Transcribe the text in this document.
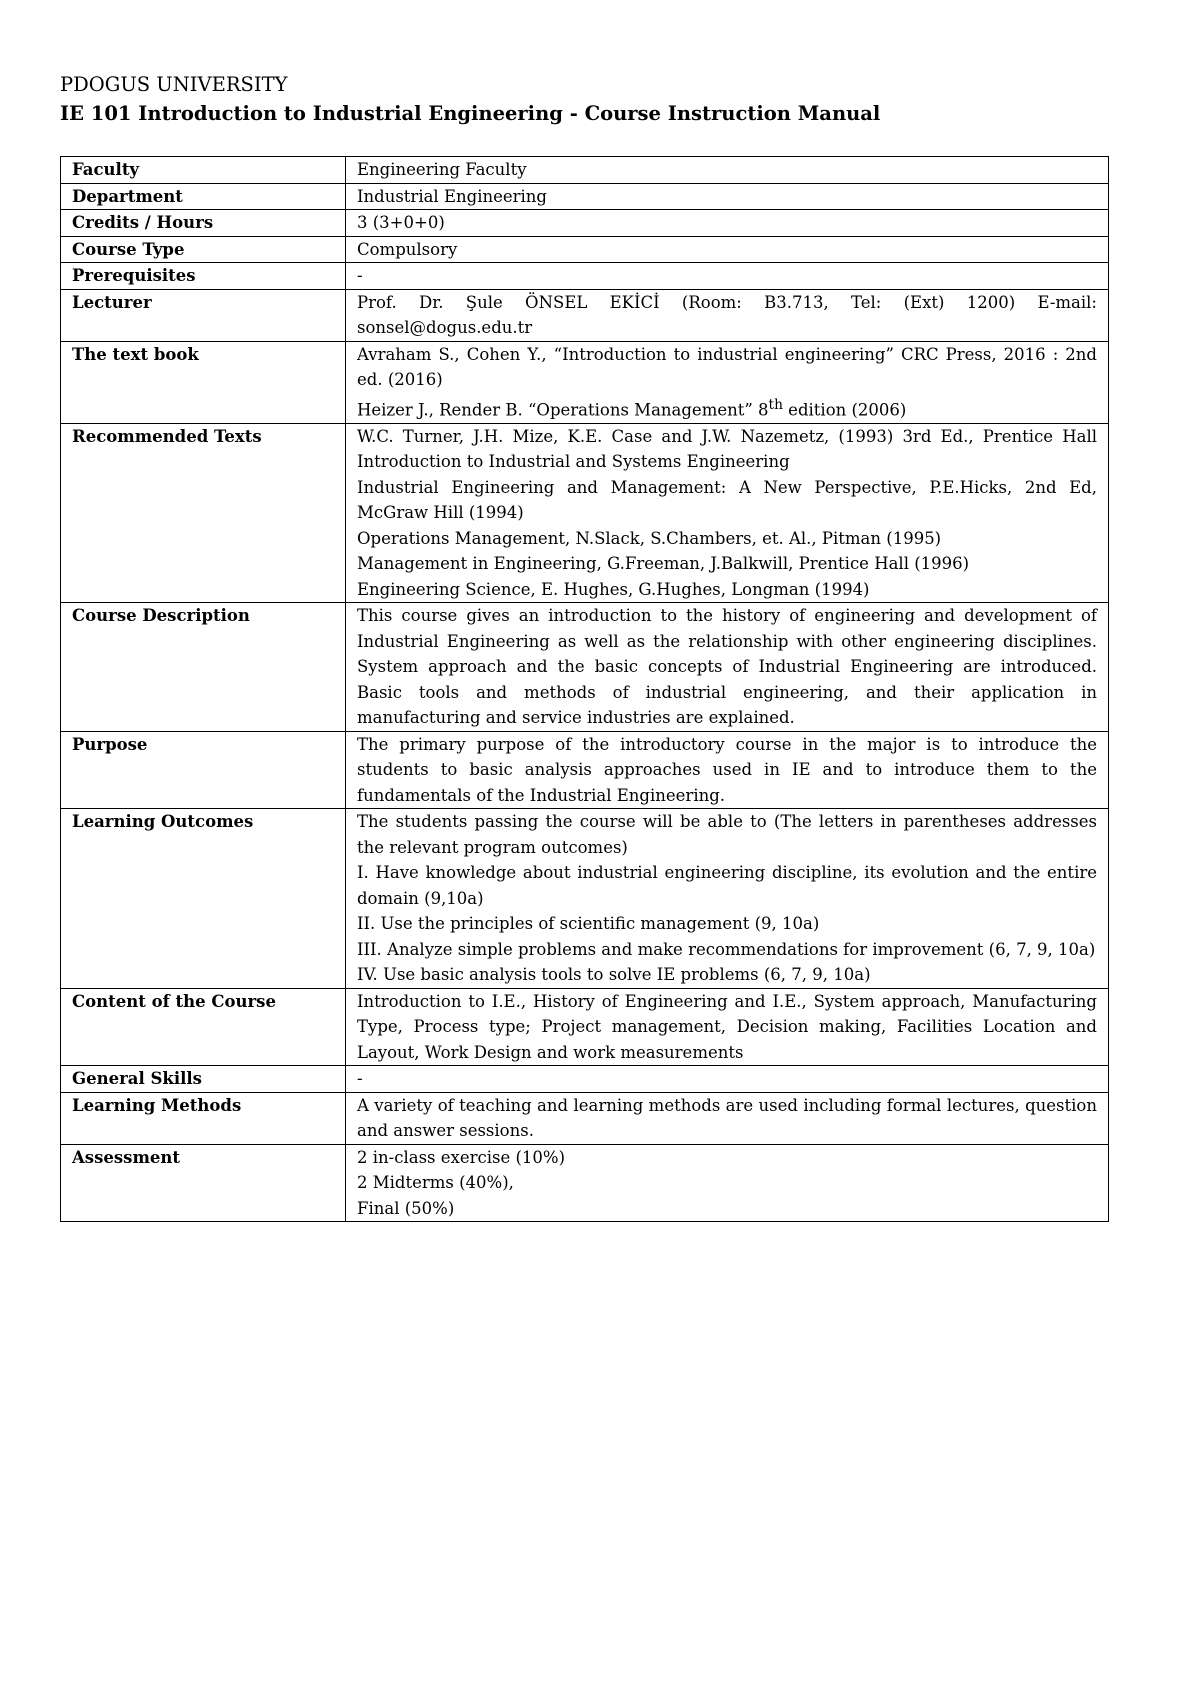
PDOGUS UNIVERSITY
IE 101 Introduction to Industrial Engineering - Course Instruction Manual
Faculty	Engineering Faculty
Department	Industrial Engineering
Credits / Hours	3 (3+0+0)
Course Type	Compulsory
Prerequisites	-
Lecturer	Prof. Dr. Şule ÖNSEL EKİCİ (Room: B3.713, Tel: (Ext) 1200) E-mail: sonsel@dogus.edu.tr
The text book	Avraham S., Cohen Y., “Introduction to industrial engineering” CRC Press, 2016 : 2nd ed. (2016)
Heizer J., Render B. “Operations Management” 8th edition (2006)

Recommended Texts	W.C. Turner, J.H. Mize, K.E. Case and J.W. Nazemetz, (1993) 3rd Ed., Prentice Hall Introduction to Industrial and Systems Engineering
Industrial Engineering and Management: A New Perspective, P.E.Hicks, 2nd Ed, McGraw Hill (1994)
Operations Management, N.Slack, S.Chambers, et. Al., Pitman (1995)
Management in Engineering, G.Freeman, J.Balkwill, Prentice Hall (1996)
Engineering Science, E. Hughes, G.Hughes, Longman (1994)

Course Description	This course gives an introduction to the history of engineering and development of Industrial Engineering as well as the relationship with other engineering disciplines. System approach and the basic concepts of Industrial Engineering are introduced. Basic tools and methods of industrial engineering, and their application in manufacturing and service industries are explained.
Purpose	The primary purpose of the introductory course in the major is to introduce the students to basic analysis approaches used in IE and to introduce them to the fundamentals of the Industrial Engineering.
Learning Outcomes	The students passing the course will be able to (The letters in parentheses addresses the relevant program outcomes)
I. Have knowledge about industrial engineering discipline, its evolution and the entire domain (9,10a)
II. Use the principles of scientific management (9, 10a)
III. Analyze simple problems and make recommendations for improvement (6, 7, 9, 10a)
IV. Use basic analysis tools to solve IE problems (6, 7, 9, 10a)

Content of the Course	Introduction to I.E., History of Engineering and I.E., System approach, Manufacturing Type, Process type; Project management, Decision making, Facilities Location and Layout, Work Design and work measurements
General Skills	-
Learning Methods	A variety of teaching and learning methods are used including formal lectures, question and answer sessions.
Assessment	2 in-class exercise (10%)
2 Midterms (40%),
Final (50%)
